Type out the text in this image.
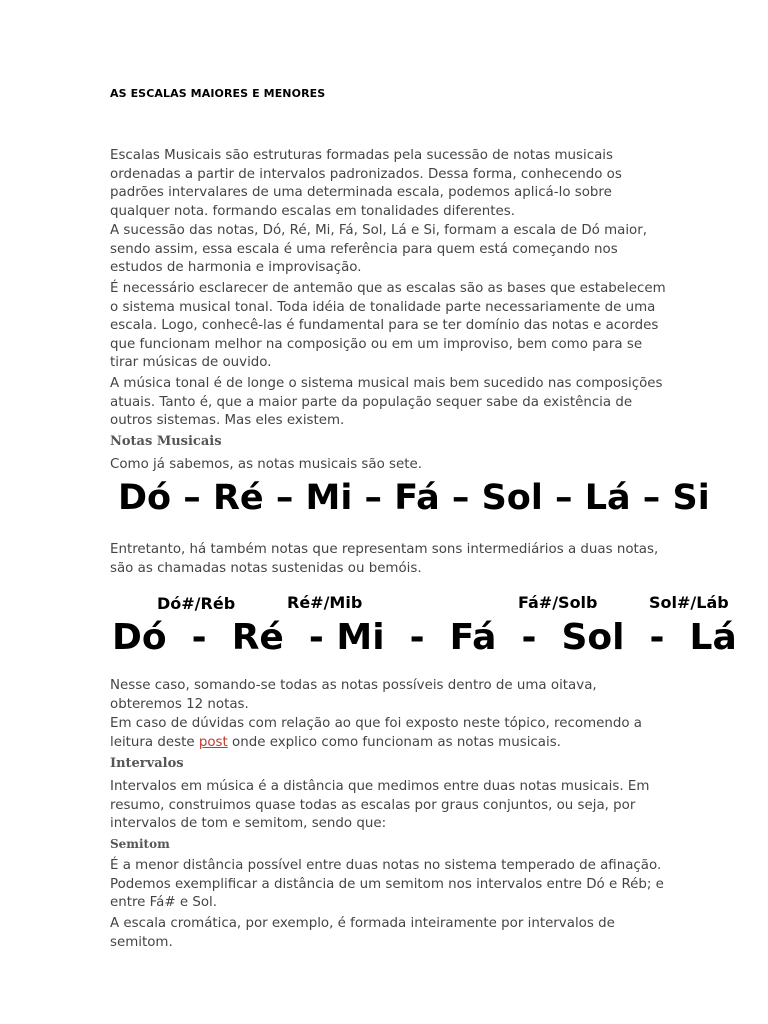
AS ESCALAS MAIORES E MENORES

Escalas Musicais são estruturas formadas pela sucessão de notas musicais ordenadas a partir de intervalos padronizados. Dessa forma, conhecendo os padrões intervalares de uma determinada escala, podemos aplicá-lo sobre qualquer nota. formando escalas em tonalidades diferentes.

A sucessão das notas, Dó, Ré, Mi, Fá, Sol, Lá e Si, formam a escala de Dó maior, sendo assim, essa escala é uma referência para quem está começando nos estudos de harmonia e improvisação.

É necessário esclarecer de antemão que as escalas são as bases que estabelecem o sistema musical tonal. Toda idéia de tonalidade parte necessariamente de uma escala. Logo, conhecê-las é fundamental para se ter domínio das notas e acordes que funcionam melhor na composição ou em um improviso, bem como para se tirar músicas de ouvido.

A música tonal é de longe o sistema musical mais bem sucedido nas composições atuais. Tanto é, que a maior parte da população sequer sabe da existência de outros sistemas. Mas eles existem.

Notas Musicais

Como já sabemos, as notas musicais são sete.

Dó – Ré – Mi – Fá – Sol – Lá – Si

Entretanto, há também notas que representam sons intermediários a duas notas, são as chamadas notas sustenidas ou bemóis.

Dó#/Réb	Ré#/Mib	Fá#/Solb	Sol#/Láb
Dó  -  Ré  - Mi  -  Fá  -  Sol  -  Lá

Nesse caso, somando-se todas as notas possíveis dentro de uma oitava, obteremos 12 notas.

Em caso de dúvidas com relação ao que foi exposto neste tópico, recomendo a leitura deste post onde explico como funcionam as notas musicais.

Intervalos

Intervalos em música é a distância que medimos entre duas notas musicais. Em resumo, construimos quase todas as escalas por graus conjuntos, ou seja, por intervalos de tom e semitom, sendo que:

Semitom

É a menor distância possível entre duas notas no sistema temperado de afinação. Podemos exemplificar a distância de um semitom nos intervalos entre Dó e Réb; e entre Fá# e Sol.

A escala cromática, por exemplo, é formada inteiramente por intervalos de semitom.
